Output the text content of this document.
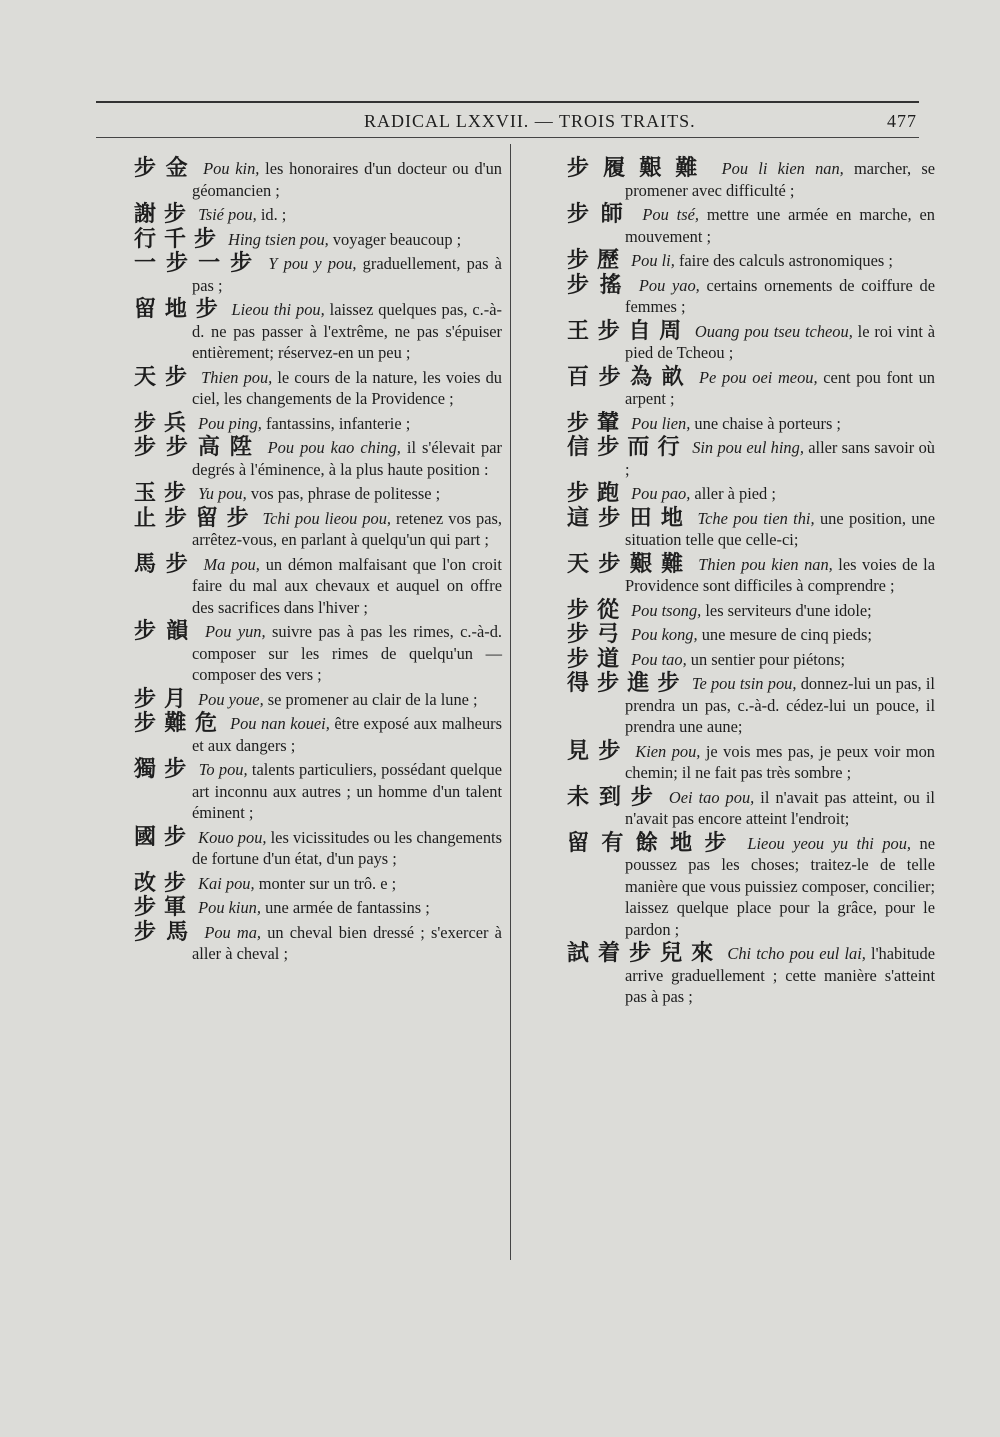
RADICAL LXXVII. — TROIS TRAITS.	477
步金 Pou kin, les honoraires d'un docteur ou d'un géomancien ;
謝步 Tsié pou, id. ;
行千步 Hing tsien pou, voyager beaucoup ;
一步一步 Y pou y pou, graduellement, pas à pas ;
留地步 Lieou thi pou, laissez quelques pas, c.-à-d. ne pas passer à l'extrême, ne pas s'épuiser entièrement; réservez-en un peu ;
天步 Thien pou, le cours de la nature, les voies du ciel, les changements de la Providence ;
步兵 Pou ping, fantassins, infanterie ;
步步高陞 Pou pou kao ching, il s'élevait par degrés à l'éminence, à la plus haute position :
玉步 Yu pou, vos pas, phrase de politesse ;
止步留步 Tchi pou lieou pou, retenez vos pas, arrêtez-vous, en parlant à quelqu'un qui part ;
馬步 Ma pou, un démon malfaisant que l'on croit faire du mal aux chevaux et auquel on offre des sacrifices dans l'hiver ;
步韻 Pou yun, suivre pas à pas les rimes, c.-à-d. composer sur les rimes de quelqu'un — composer des vers ;
步月 Pou youe, se promener au clair de la lune ;
步難危 Pou nan kouei, être exposé aux malheurs et aux dangers ;
獨步 To pou, talents particuliers, possédant quelque art inconnu aux autres ; un homme d'un talent éminent ;
國步 Kouo pou, les vicissitudes ou les changements de fortune d'un état, d'un pays ;
改步 Kai pou, monter sur un trô. e ;
步軍 Pou kiun, une armée de fantassins ;
步馬 Pou ma, un cheval bien dressé ; s'exercer à aller à cheval ;
步履艱難 Pou li kien nan, marcher, se promener avec difficulté ;
步師 Pou tsé, mettre une armée en marche, en mouvement ;
步歷 Pou li, faire des calculs astronomiques ;
步搖 Pou yao, certains ornements de coiffure de femmes ;
王步自周 Ouang pou tseu tcheou, le roi vint à pied de Tcheou ;
百步為畝 Pe pou oei meou, cent pou font un arpent ;
步輦 Pou lien, une chaise à porteurs ;
信步而行 Sin pou eul hing, aller sans savoir où ;
步跑 Pou pao, aller à pied ;
這步田地 Tche pou tien thi, une position, une situation telle que celle-ci;
天步艱難 Thien pou kien nan, les voies de la Providence sont difficiles à comprendre ;
步從 Pou tsong, les serviteurs d'une idole;
步弓 Pou kong, une mesure de cinq pieds;
步道 Pou tao, un sentier pour piétons;
得步進步 Te pou tsin pou, donnez-lui un pas, il prendra un pas, c.-à-d. cédez-lui un pouce, il prendra une aune;
見步 Kien pou, je vois mes pas, je peux voir mon chemin; il ne fait pas très sombre ;
未到步 Oei tao pou, il n'avait pas atteint, ou il n'avait pas encore atteint l'endroit;
留有餘地步 Lieou yeou yu thi pou, ne poussez pas les choses; traitez-le de telle manière que vous puissiez composer, concilier; laissez quelque place pour la grâce, pour le pardon ;
試着步兒來 Chi tcho pou eul lai, l'habitude arrive graduellement ; cette manière s'atteint pas à pas ;
